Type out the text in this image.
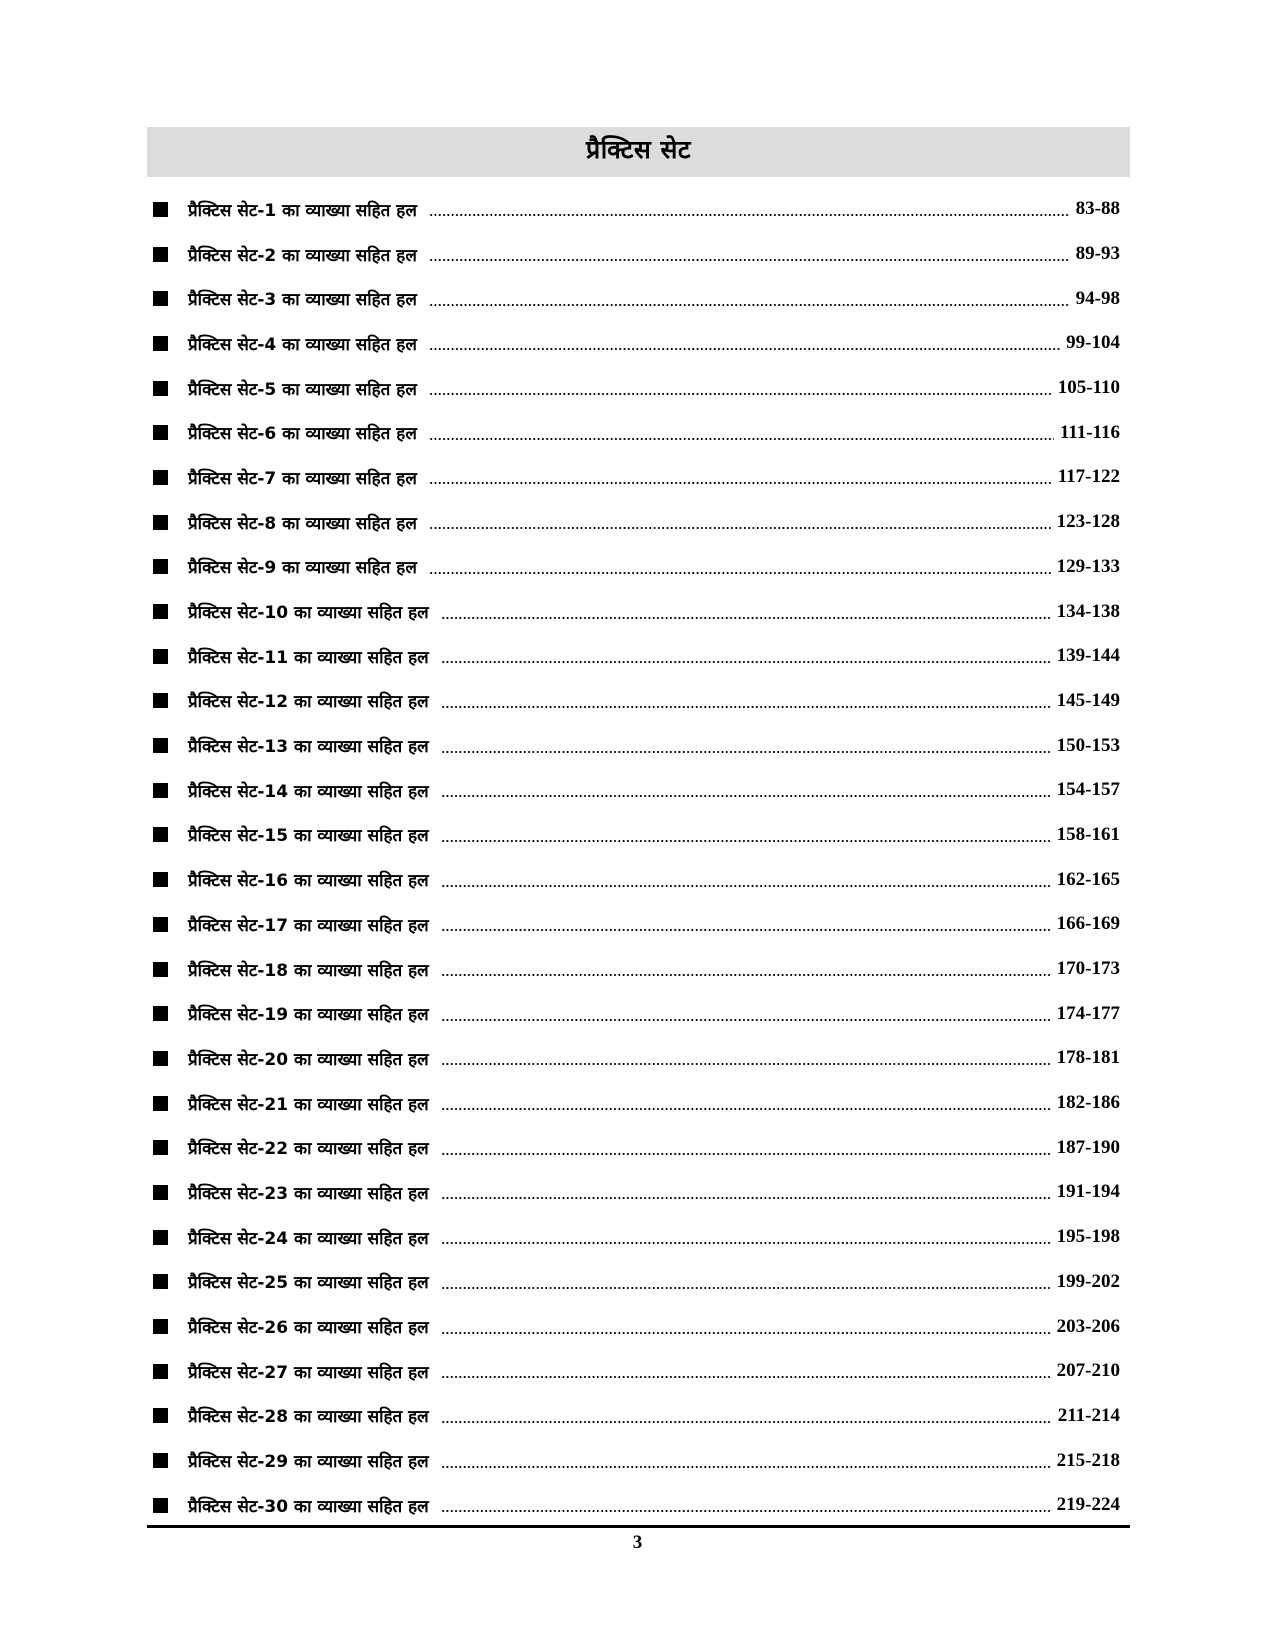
प्रैक्टिस सेट
प्रैक्टिस सेट-1 का व्याख्या सहित हल	83-88
प्रैक्टिस सेट-2 का व्याख्या सहित हल	89-93
प्रैक्टिस सेट-3 का व्याख्या सहित हल	94-98
प्रैक्टिस सेट-4 का व्याख्या सहित हल	99-104
प्रैक्टिस सेट-5 का व्याख्या सहित हल	105-110
प्रैक्टिस सेट-6 का व्याख्या सहित हल	111-116
प्रैक्टिस सेट-7 का व्याख्या सहित हल	117-122
प्रैक्टिस सेट-8 का व्याख्या सहित हल	123-128
प्रैक्टिस सेट-9 का व्याख्या सहित हल	129-133
प्रैक्टिस सेट-10 का व्याख्या सहित हल	134-138
प्रैक्टिस सेट-11 का व्याख्या सहित हल	139-144
प्रैक्टिस सेट-12 का व्याख्या सहित हल	145-149
प्रैक्टिस सेट-13 का व्याख्या सहित हल	150-153
प्रैक्टिस सेट-14 का व्याख्या सहित हल	154-157
प्रैक्टिस सेट-15 का व्याख्या सहित हल	158-161
प्रैक्टिस सेट-16 का व्याख्या सहित हल	162-165
प्रैक्टिस सेट-17 का व्याख्या सहित हल	166-169
प्रैक्टिस सेट-18 का व्याख्या सहित हल	170-173
प्रैक्टिस सेट-19 का व्याख्या सहित हल	174-177
प्रैक्टिस सेट-20 का व्याख्या सहित हल	178-181
प्रैक्टिस सेट-21 का व्याख्या सहित हल	182-186
प्रैक्टिस सेट-22 का व्याख्या सहित हल	187-190
प्रैक्टिस सेट-23 का व्याख्या सहित हल	191-194
प्रैक्टिस सेट-24 का व्याख्या सहित हल	195-198
प्रैक्टिस सेट-25 का व्याख्या सहित हल	199-202
प्रैक्टिस सेट-26 का व्याख्या सहित हल	203-206
प्रैक्टिस सेट-27 का व्याख्या सहित हल	207-210
प्रैक्टिस सेट-28 का व्याख्या सहित हल	211-214
प्रैक्टिस सेट-29 का व्याख्या सहित हल	215-218
प्रैक्टिस सेट-30 का व्याख्या सहित हल	219-224
3
